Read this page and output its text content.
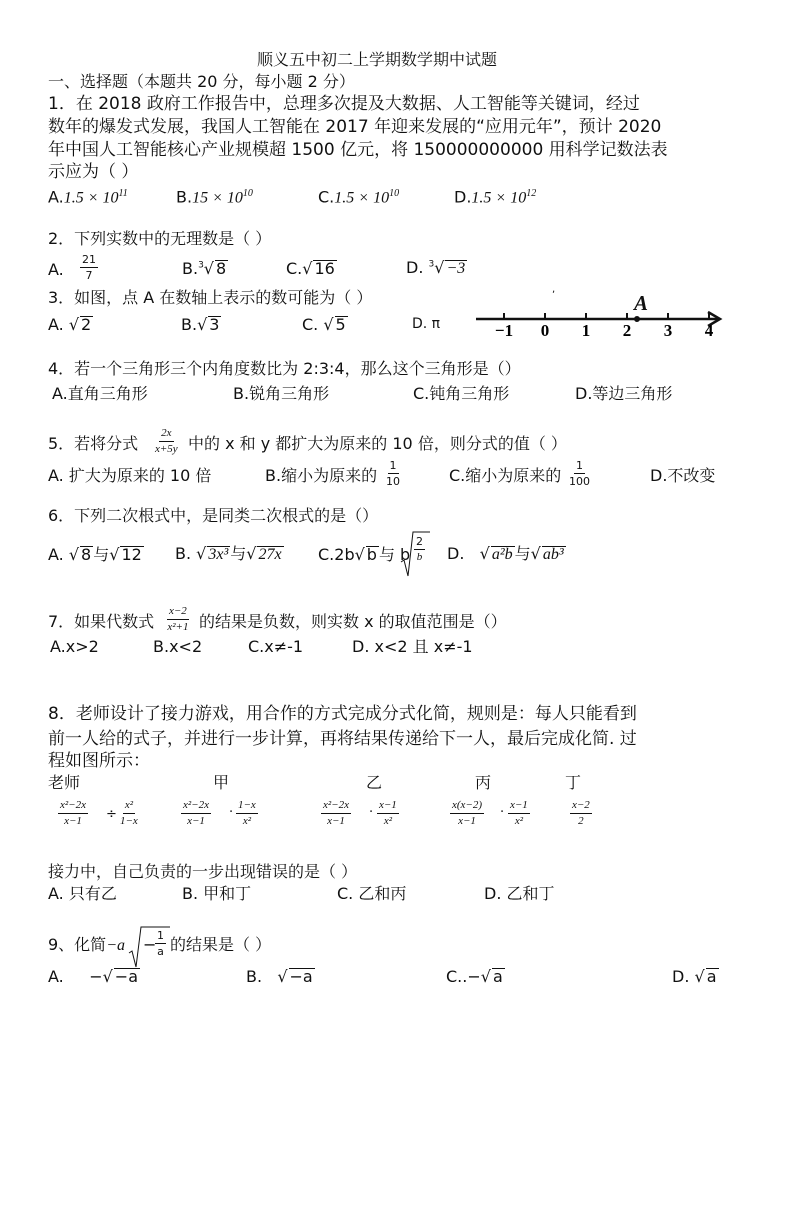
顺义五中初二上学期数学期中试题
一、选择题（本题共 20 分，每小题 2 分）
1．在 2018 政府工作报告中，总理多次提及大数据、人工智能等关键词，经过
数年的爆发式发展，我国人工智能在 2017 年迎来发展的“应用元年”，预计 2020
年中国人工智能核心产业规模超 1500 亿元，将 150000000000 用科学记数法表
示应为（ ）
$A.1.5 \times 10^{11}$	$B.15 \times 10^{10}$	$C.1.5 \times 10^{10}$	$D.1.5 \times 10^{12}$
2．下列实数中的无理数是（ ）
A. $\frac{21}{7}$	B.$^3$√ 8	C.√ 16	D. $^3$√ −3
3．如图，点 A 在数轴上表示的数可能为（ ）
A. √ 2	B.√ 3	C. √ 5	D. π	−1 0 1 2 3 4
A
,
4．若一个三角形三个内角度数比为 2:3:4，那么这个三角形是（）
A.直角三角形	B.锐角三角形	C.钝角三角形	D.等边三角形
5．若将分式 $\frac{2x}{x+5y}$ 中的 x 和 y 都扩大为原来的 10 倍，则分式的值（ ）
A. 扩大为原来的 10 倍	B.缩小为原来的 $\frac{1}{10}$	C.缩小为原来的 $\frac{1}{100}$	D.不改变
6．下列二次根式中，是同类二次根式的是（）
A. √ 8 与√ 12 B. √ 3x³ 与√ 27x C.2b√ b 与 b $\frac{2}{b} D$.   √ a²b 与√ ab³
7．如果代数式 $\frac{x-2}{\text{x²+1}}$ 的结果是负数，则实数 x 的取值范围是（）
A.x>2	B.x<2	C.x≠-1	D. x<2 且 x≠-1
8．老师设计了接力游戏，用合作的方式完成分式化简，规则是：每人只能看到
前一人给的式子，并进行一步计算，再将结果传递给下一人，最后完成化简. 过
程如图所示：
老师	甲	乙	丙	丁
$\frac{\text{x²−2x}}{x-1} \div \frac{\text{x²}}{1-x}$	$\frac{\text{x²−2x}}{x-1} \cdot \frac{1-x}{\text{x²}}$	$\frac{\text{x²−2x}}{x-1} \cdot \frac{x-1}{\text{x²}}$	$\frac{x(x-2)}{x-1} \cdot \frac{x-1}{\text{x²}}$	$\frac{x-2}{2}$
接力中，自己负责的一步出现错误的是（ ）
A. 只有乙	B. 甲和丁	C. 乙和丙	D. 乙和丁
9、化简−a −
$\frac{1}{a}$ 的结果是（ ）
A. −√ −a	B.   √ −a	C..−√ a	D. √ a
